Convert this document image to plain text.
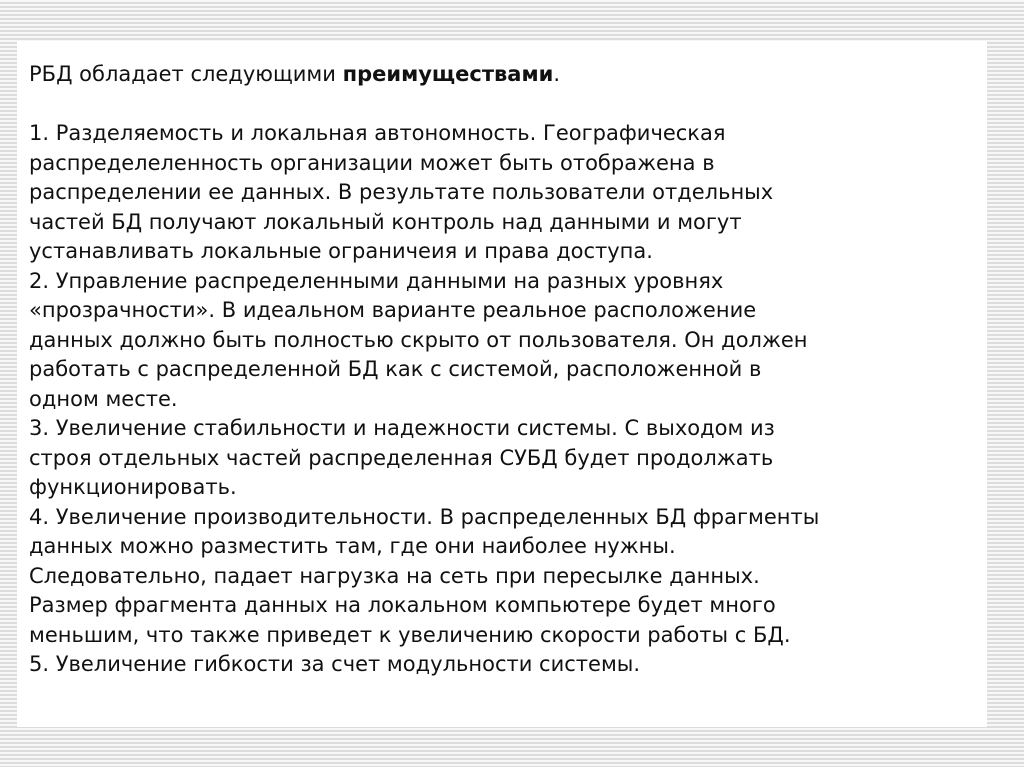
РБД обладает следующими преимуществами.
1. Разделяемость и локальная автономность. Географическая
распределеленность организации может быть отображена в
распределении ее данных. В результате пользователи отдельных
частей БД получают локальный контроль над данными и могут
устанавливать локальные ограничеия и права доступа.
2. Управление распределенными данными на разных уровнях
«прозрачности». В идеальном варианте реальное расположение
данных должно быть полностью скрыто от пользователя. Он должен
работать с распределенной БД как с системой, расположенной в
одном месте.
3. Увеличение стабильности и надежности системы. С выходом из
строя отдельных частей распределенная СУБД будет продолжать
функционировать.
4. Увеличение производительности. В распределенных БД фрагменты
данных можно разместить там, где они наиболее нужны.
Следовательно, падает нагрузка на сеть при пересылке данных.
Размер фрагмента данных на локальном компьютере будет много
меньшим, что также приведет к увеличению скорости работы с БД.
5. Увеличение гибкости за счет модульности системы.
